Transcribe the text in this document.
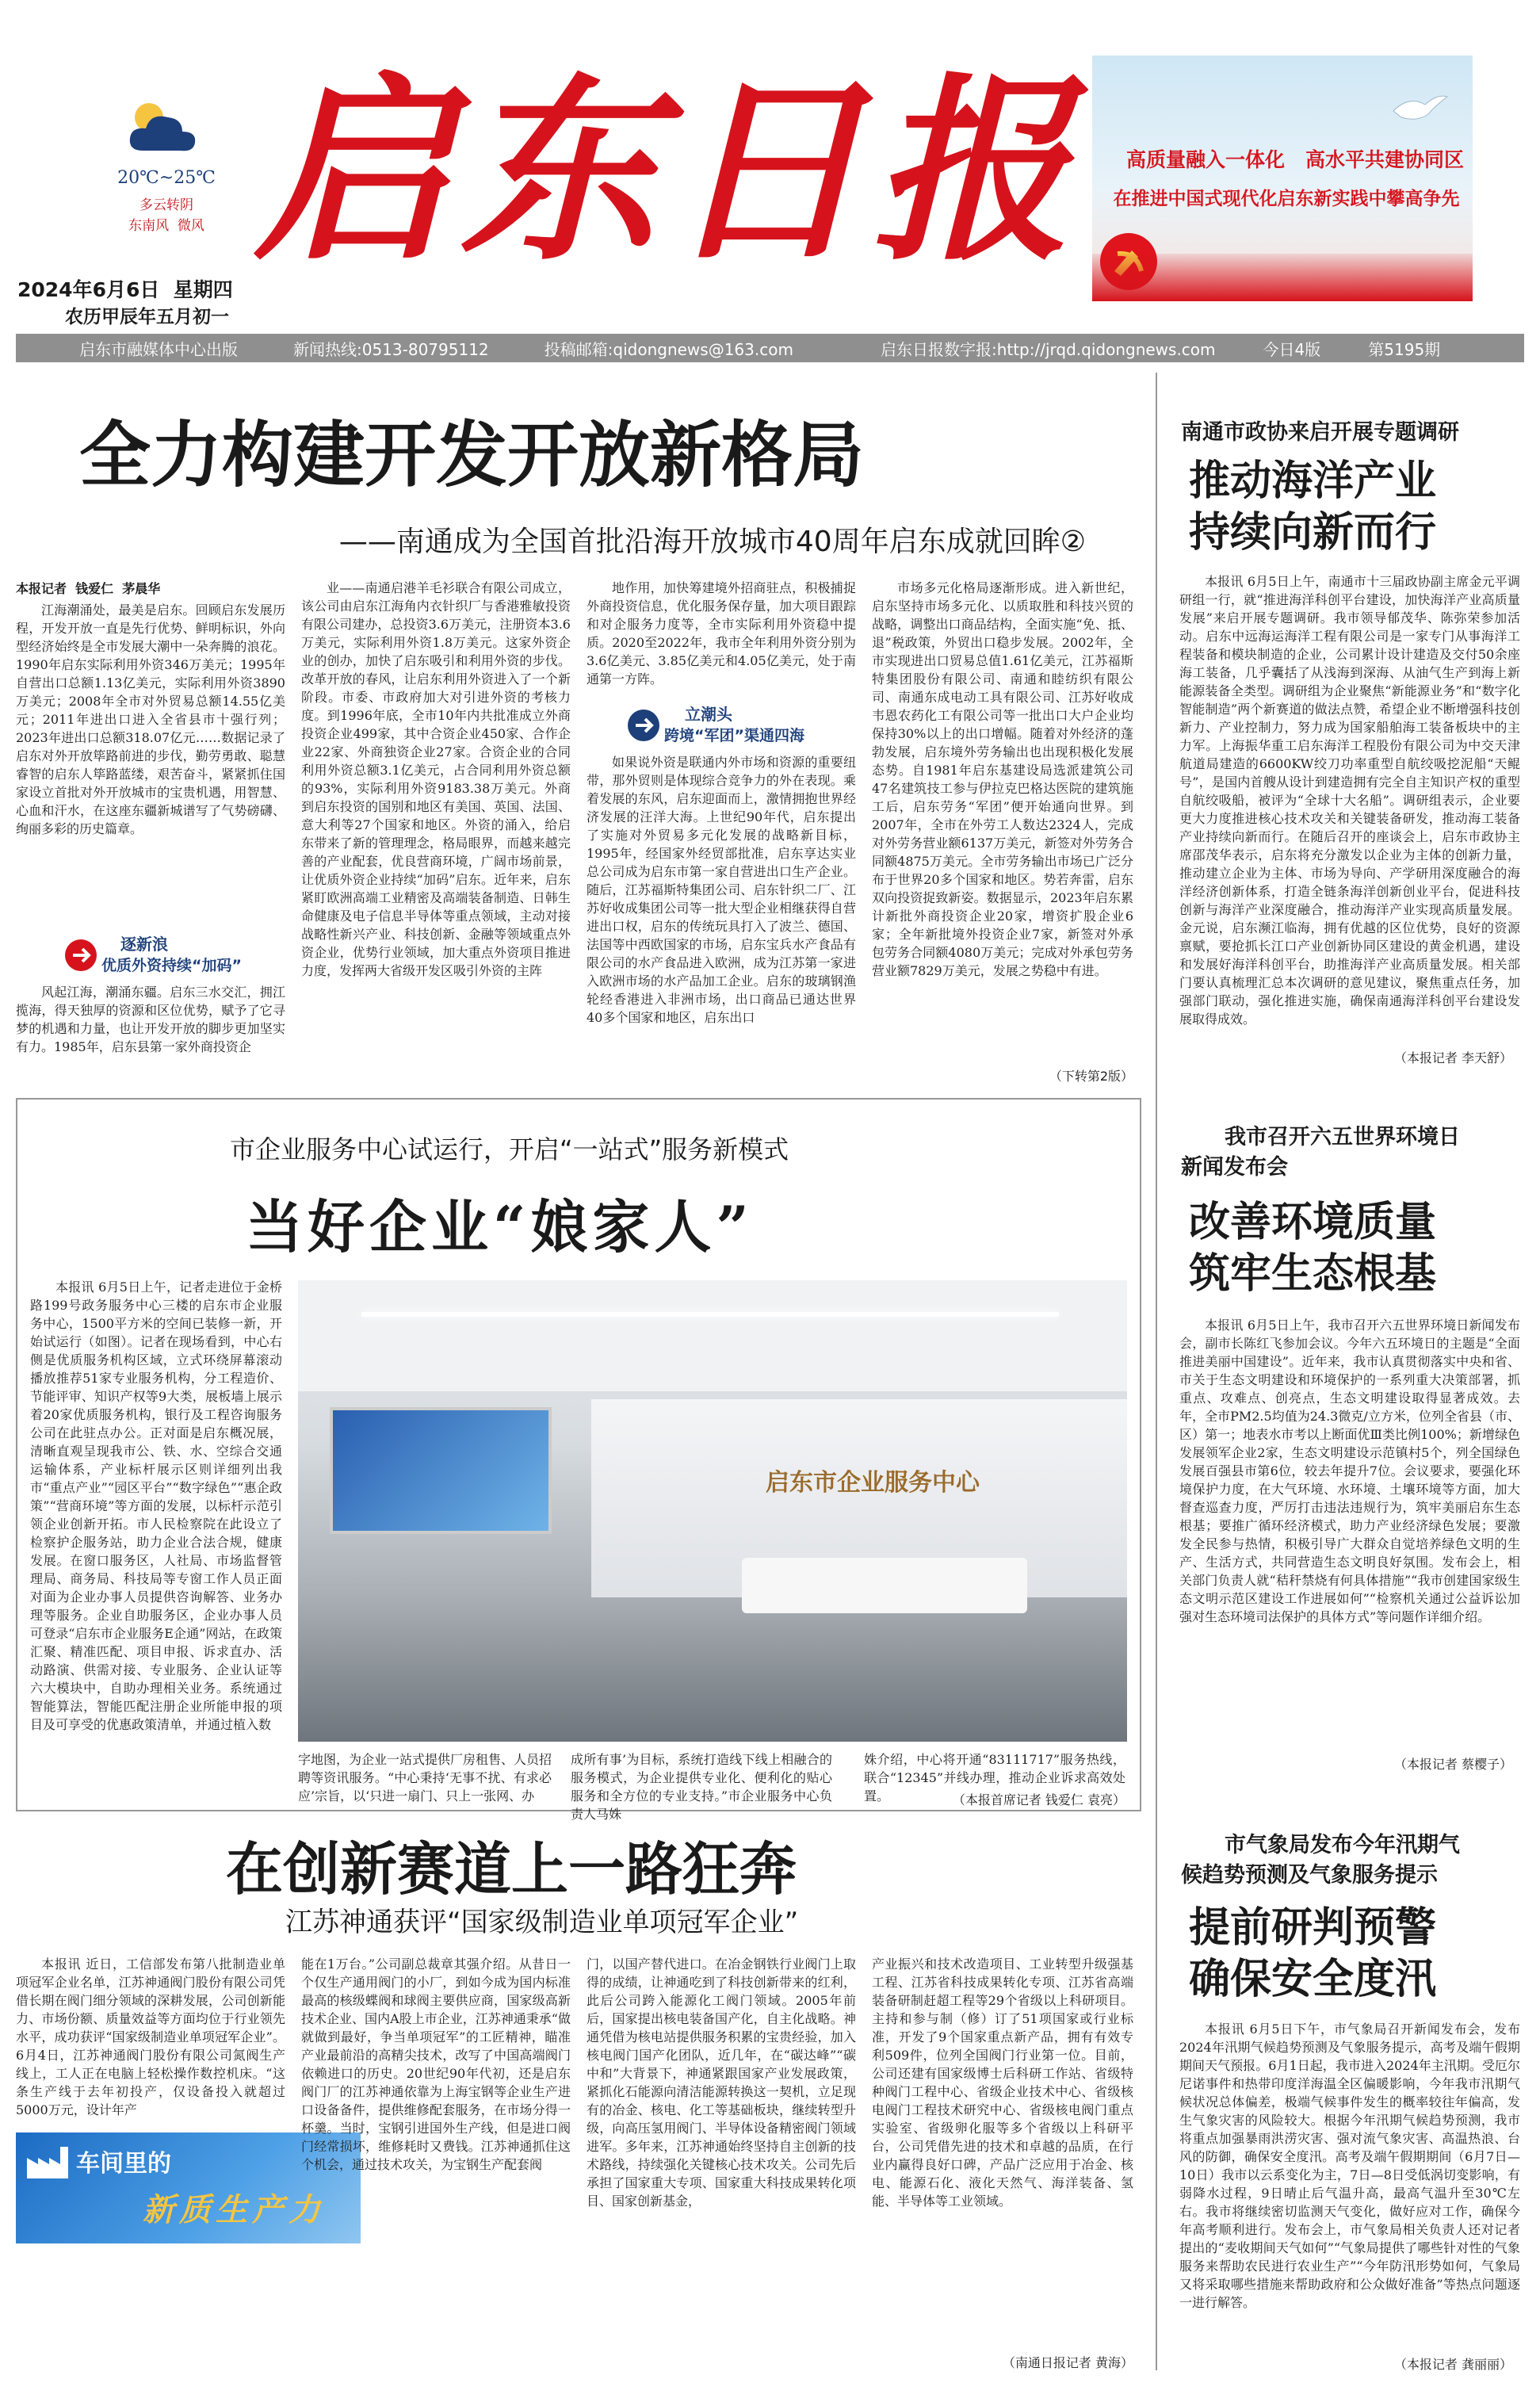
20℃~25℃
多云转阴
东南风  微风 启东日报
2024年6月6日  星期四
农历甲辰年五月初一
高质量融入一体化   高水平共建协同区
在推进中国式现代化启东新实践中攀高争先
启东市融媒体中心出版	新闻热线:0513-80795112	投稿邮箱:qidongnews@163.com	启东日报数字报:http://jrqd.qidongnews.com	今日4版	第5195期
全力构建开发开放新格局
——南通成为全国首批沿海开放城市40周年启东成就回眸②
本报记者  钱爱仁  茅晨华

江海潮涌处，最美是启东。回顾启东发展历程，开发开放一直是先行优势、鲜明标识，外向型经济始终是全市发展大潮中一朵奔腾的浪花。1990年启东实际利用外资346万美元；1995年自营出口总额1.13亿美元，实际利用外资3890万美元；2008年全市对外贸易总额14.55亿美元；2011年进出口进入全省县市十强行列；2023年进出口总额318.07亿元……数据记录了启东对外开放筚路前进的步伐，勤劳勇敢、聪慧睿智的启东人筚路蓝缕，艰苦奋斗，紧紧抓住国家设立首批对外开放城市的宝贵机遇，用智慧、心血和汗水，在这座东疆新城谱写了气势磅礴、绚丽多彩的历史篇章。

逐新浪
优质外资持续“加码”

风起江海，潮涌东疆。启东三水交汇，拥江揽海，得天独厚的资源和区位优势，赋予了它寻梦的机遇和力量，也让开发开放的脚步更加坚实有力。1985年，启东县第一家外商投资企

业——南通启港羊毛衫联合有限公司成立，该公司由启东江海角内衣针织厂与香港雅敏投资有限公司建办，总投资3.6万美元，注册资本3.6万美元，实际利用外资1.8万美元。这家外资企业的创办，加快了启东吸引和利用外资的步伐。改革开放的春风，让启东利用外资进入了一个新阶段。市委、市政府加大对引进外资的考核力度。到1996年底，全市10年内共批准成立外商投资企业499家，其中合资企业450家、合作企业22家、外商独资企业27家。合资企业的合同利用外资总额3.1亿美元，占合同利用外资总额的93%，实际利用外资9183.38万美元。外商到启东投资的国别和地区有美国、英国、法国、意大利等27个国家和地区。外资的涌入，给启东带来了新的管理理念，格局眼界，而越来越完善的产业配套，优良营商环境，广阔市场前景，让优质外资企业持续“加码”启东。近年来，启东紧盯欧洲高端工业精密及高端装备制造、日韩生命健康及电子信息半导体等重点领域，主动对接战略性新兴产业、科技创新、金融等领域重点外资企业，优势行业领域，加大重点外资项目推进力度，发挥两大省级开发区吸引外资的主阵

地作用，加快筹建境外招商驻点，积极捕捉外商投资信息，优化服务保存量，加大项目跟踪和对企服务力度等，全市实际利用外资稳中提质。2020至2022年，我市全年利用外资分别为3.6亿美元、3.85亿美元和4.05亿美元，处于南通第一方阵。

立潮头
跨境“军团”渠通四海

如果说外资是联通内外市场和资源的重要纽带，那外贸则是体现综合竞争力的外在表现。乘着发展的东风，启东迎面而上，激情拥抱世界经济发展的汪洋大海。上世纪90年代，启东提出了实施对外贸易多元化发展的战略新目标，1995年，经国家外经贸部批准，启东享达实业总公司成为启东市第一家自营进出口生产企业。随后，江苏福斯特集团公司、启东针织二厂、江苏好收成集团公司等一批大型企业相继获得自营进出口权，启东的传统玩具打入了波兰、德国、法国等中西欧国家的市场，启东宝兵水产食品有限公司的水产食品进入欧洲，成为江苏第一家进入欧洲市场的水产品加工企业。启东的玻璃钢渔轮经香港进入非洲市场，出口商品已通达世界40多个国家和地区，启东出口

市场多元化格局逐渐形成。进入新世纪，启东坚持市场多元化、以质取胜和科技兴贸的战略，调整出口商品结构，全面实施“免、抵、退”税政策，外贸出口稳步发展。2002年，全市实现进出口贸易总值1.61亿美元，江苏福斯特集团股份有限公司、南通和睦纺织有限公司、南通东成电动工具有限公司、江苏好收成韦恩农药化工有限公司等一批出口大户企业均保持30%以上的出口增幅。随着对外经济的蓬勃发展，启东境外劳务输出也出现积极化发展态势。自1981年启东基建设局选派建筑公司47名建筑技工参与伊拉克巴格达医院的建筑施工后，启东劳务“军团”便开始通向世界。到2007年，全市在外劳工人数达2324人，完成对外劳务营业额6137万美元，新签对外劳务合同额4875万美元。全市劳务输出市场已广泛分布于世界20多个国家和地区。势若奔雷，启东双向投资捉致新姿。数据显示，2023年启东累计新批外商投资企业20家，增资扩股企业6家；全年新批境外投资企业7家，新签对外承包劳务合同额4080万美元；完成对外承包劳务营业额7829万美元，发展之势稳中有进。

（下转第2版）
南通市政协来启开展专题调研
推动海洋产业
持续向新而行

本报讯 6月5日上午，南通市十三届政协副主席金元平调研组一行，就“推进海洋科创平台建设，加快海洋产业高质量发展”来启开展专题调研。我市领导郁茂华、陈弥荣参加活动。启东中远海运海洋工程有限公司是一家专门从事海洋工程装备和模块制造的企业，公司累计设计建造及交付50余座海工装备，几乎囊括了从浅海到深海、从油气生产到海上新能源装备全类型。调研组为企业聚焦“新能源业务”和“数字化智能制造”两个新赛道的做法点赞，希望企业不断增强科技创新力、产业控制力，努力成为国家船舶海工装备板块中的主力军。上海振华重工启东海洋工程股份有限公司为中交天津航道局建造的6600KW绞刀功率重型自航绞吸挖泥船“天鲲号”，是国内首艘从设计到建造拥有完全自主知识产权的重型自航绞吸船，被评为“全球十大名船”。调研组表示，企业要更大力度推进核心技术攻关和关键装备研发，推动海工装备产业持续向新而行。在随后召开的座谈会上，启东市政协主席邵茂华表示，启东将充分激发以企业为主体的创新力量，推动建立企业为主体、市场为导向、产学研用深度融合的海洋经济创新体系，打造全链条海洋创新创业平台，促进科技创新与海洋产业深度融合，推动海洋产业实现高质量发展。金元说，启东濒江临海，拥有优越的区位优势，良好的资源禀赋，要抢抓长江口产业创新协同区建设的黄金机遇，建设和发展好海洋科创平台，助推海洋产业高质量发展。相关部门要认真梳理汇总本次调研的意见建议，聚焦重点任务，加强部门联动，强化推进实施，确保南通海洋科创平台建设发展取得成效。

（本报记者 李天舒）
市企业服务中心试运行，开启“一站式”服务新模式
当好企业“娘家人”

本报讯 6月5日上午，记者走进位于金桥路199号政务服务中心三楼的启东市企业服务中心，1500平方米的空间已装修一新，开始试运行（如图）。记者在现场看到，中心右侧是优质服务机构区域，立式环绕屏幕滚动播放推荐51家专业服务机构，分工程造价、节能评审、知识产权等9大类，展板墙上展示着20家优质服务机构，银行及工程咨询服务公司在此驻点办公。正对面是启东概况展，清晰直观呈现我市公、铁、水、空综合交通运输体系，产业标杆展示区则详细列出我市“重点产业”“园区平台”“数字绿色”“惠企政策”“营商环境”等方面的发展，以标杆示范引领企业创新开拓。市人民检察院在此设立了检察护企服务站，助力企业合法合规，健康发展。在窗口服务区，人社局、市场监督管理局、商务局、科技局等专窗工作人员正面对面为企业办事人员提供咨询解答、业务办理等服务。企业自助服务区，企业办事人员可登录“启东市企业服务E企通”网站，在政策汇聚、精准匹配、项目申报、诉求直办、活动路演、供需对接、专业服务、企业认证等六大模块中，自助办理相关业务。系统通过智能算法，智能匹配注册企业所能申报的项目及可享受的优惠政策清单，并通过植入数

启东市企业服务中心

字地图，为企业一站式提供厂房租售、人员招聘等资讯服务。“中心秉持‘无事不扰、有求必应’宗旨，以‘只进一扇门、只上一张网、办

成所有事’为目标，系统打造线下线上相融合的服务模式，为企业提供专业化、便利化的贴心服务和全方位的专业支持。”市企业服务中心负责人马姝

姝介绍，中心将开通“83111717”服务热线，联合“12345”并线办理，推动企业诉求高效处置。	（本报首席记者 钱爱仁 袁亮）
我市召开六五世界环境日
新闻发布会
改善环境质量
筑牢生态根基

本报讯 6月5日上午，我市召开六五世界环境日新闻发布会，副市长陈红飞参加会议。今年六五环境日的主题是“全面推进美丽中国建设”。近年来，我市认真贯彻落实中央和省、市关于生态文明建设和环境保护的一系列重大决策部署，抓重点、攻难点、创亮点，生态文明建设取得显著成效。去年，全市PM2.5均值为24.3微克/立方米，位列全省县（市、区）第一；地表水市考以上断面优Ⅲ类比例100%；新增绿色发展领军企业2家，生态文明建设示范镇村5个，列全国绿色发展百强县市第6位，较去年提升7位。会议要求，要强化环境保护力度，在大气环境、水环境、土壤环境等方面，加大督查巡查力度，严厉打击违法违规行为，筑牢美丽启东生态根基；要推广循环经济模式，助力产业经济绿色发展；要激发全民参与热情，积极引导广大群众自觉培养绿色文明的生产、生活方式，共同营造生态文明良好氛围。发布会上，相关部门负责人就“秸秆禁烧有何具体措施”“我市创建国家级生态文明示范区建设工作进展如何”“检察机关通过公益诉讼加强对生态环境司法保护的具体方式”等问题作详细介绍。

（本报记者 蔡樱子）
在创新赛道上一路狂奔
江苏神通获评“国家级制造业单项冠军企业”

本报讯 近日，工信部发布第八批制造业单项冠军企业名单，江苏神通阀门股份有限公司凭借长期在阀门细分领域的深耕发展，公司创新能力、市场份额、质量效益等方面均位于行业领先水平，成功获评“国家级制造业单项冠军企业”。6月4日，江苏神通阀门股份有限公司氮阀生产线上，工人正在电脑上轻松操作数控机床。“这条生产线于去年初投产，仅设备投入就超过5000万元，设计年产

车间里的
新质生产力

能在1万台。”公司副总裁章其强介绍。从昔日一个仅生产通用阀门的小厂，到如今成为国内标准最高的核级蝶阀和球阀主要供应商，国家级高新技术企业、国内A股上市企业，江苏神通秉承“做就做到最好，争当单项冠军”的工匠精神，瞄准产业最前沿的高精尖技术，改写了中国高端阀门依赖进口的历史。20世纪90年代初，还是启东阀门厂的江苏神通依靠为上海宝钢等企业生产进口设备备件，提供维修配套服务，在市场分得一杯羹。当时，宝钢引进国外生产线，但是进口阀门经常损坏，维修耗时又费钱。江苏神通抓住这个机会，通过技术攻关，为宝钢生产配套阀

门，以国产替代进口。在冶金钢铁行业阀门上取得的成绩，让神通吃到了科技创新带来的红利，此后公司跨入能源化工阀门领域。2005年前后，国家提出核电装备国产化，自主化战略。神通凭借为核电站提供服务积累的宝贵经验，加入核电阀门国产化团队，近几年，在“碳达峰”“碳中和”大背景下，神通紧跟国家产业发展政策，紧抓化石能源向清洁能源转换这一契机，立足现有的冶金、核电、化工等基础板块，继续转型升级，向高压氢用阀门、半导体设备精密阀门领域进军。多年来，江苏神通始终坚持自主创新的技术路线，持续强化关键核心技术攻关。公司先后承担了国家重大专项、国家重大科技成果转化项目、国家创新基金，

产业振兴和技术改造项目、工业转型升级强基工程、江苏省科技成果转化专项、江苏省高端装备研制赶超工程等29个省级以上科研项目。主持和参与制（修）订了51项国家或行业标准，开发了9个国家重点新产品，拥有有效专利509件，位列全国阀门行业第一位。目前，公司还建有国家级博士后科研工作站、省级特种阀门工程中心、省级企业技术中心、省级核电阀门工程技术研究中心、省级核电阀门重点实验室、省级卵化服等多个省级以上科研平台，公司凭借先进的技术和卓越的品质，在行业内赢得良好口碑，产品广泛应用于冶金、核电、能源石化、液化天然气、海洋装备、氢能、半导体等工业领域。

（南通日报记者 黄海）
市气象局发布今年汛期气
候趋势预测及气象服务提示
提前研判预警
确保安全度汛

本报讯 6月5日下午，市气象局召开新闻发布会，发布2024年汛期气候趋势预测及气象服务提示，高考及端午假期期间天气预报。6月1日起，我市进入2024年主汛期。受厄尔尼诺事件和热带印度洋海温全区偏暖影响，今年我市汛期气候状况总体偏差，极端气候事件发生的概率较往年偏高，发生气象灾害的风险较大。根据今年汛期气候趋势预测，我市将重点加强暴雨洪涝灾害、强对流气象灾害、高温热浪、台风的防御，确保安全度汛。高考及端午假期期间（6月7日—10日）我市以云系变化为主，7日—8日受低涡切变影响，有弱降水过程，9日晴止后气温升高，最高气温升至30℃左右。我市将继续密切监测天气变化，做好应对工作，确保今年高考顺利进行。发布会上，市气象局相关负责人还对记者提出的“麦收期间天气如何”“气象局提供了哪些针对性的气象服务来帮助农民进行农业生产”“今年防汛形势如何，气象局又将采取哪些措施来帮助政府和公众做好准备”等热点问题逐一进行解答。

（本报记者 龚丽丽）
